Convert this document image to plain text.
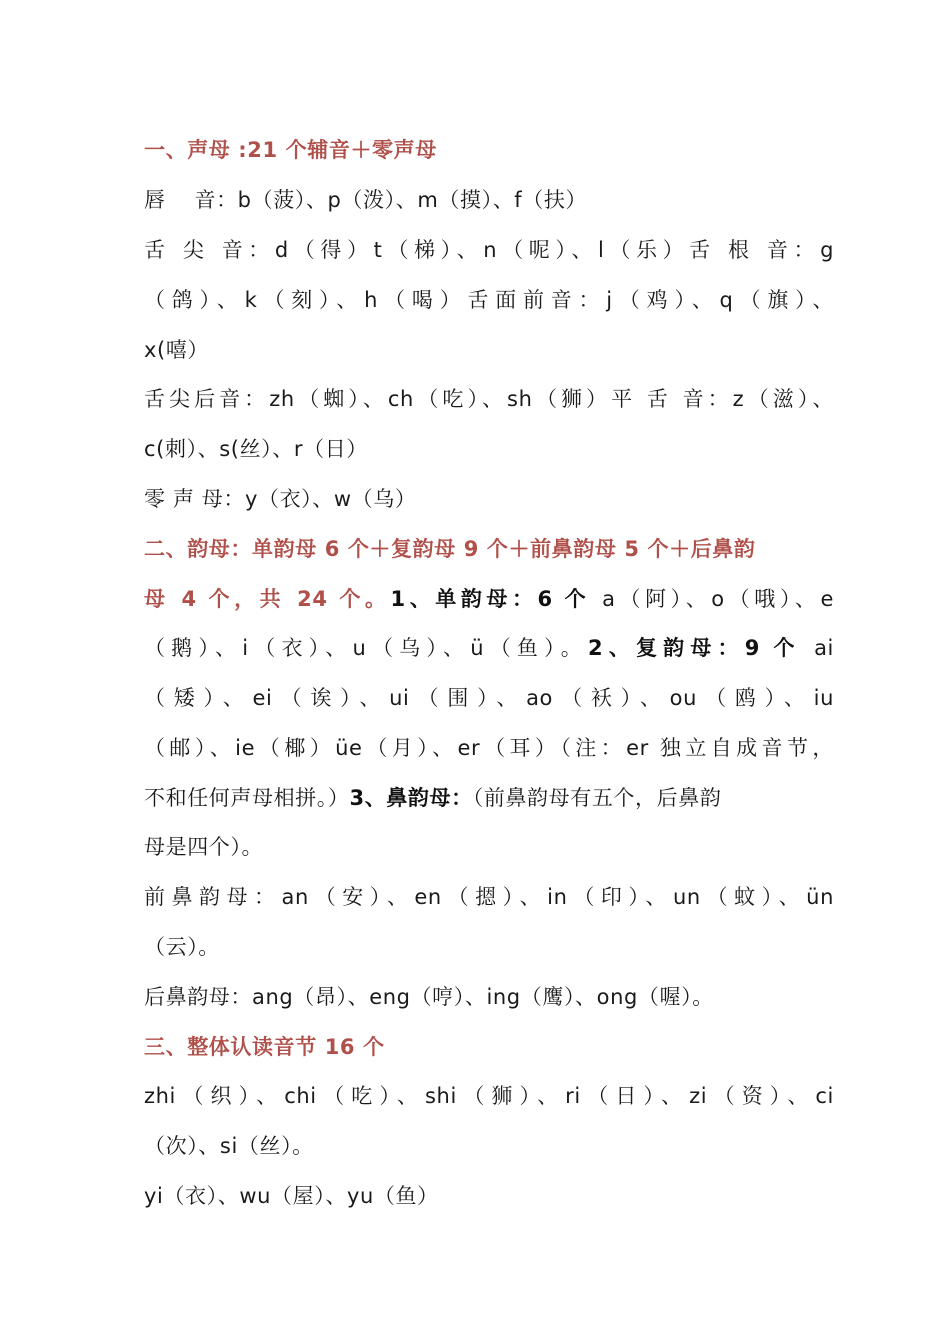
一、声母 :21 个辅音＋零声母
唇　 音：b（菠）、p（泼）、m（摸）、f（扶）
舌 尖 音：d（得）t（梯）、n（呢）、l（乐）舌 根 音：g
（鸽）、k（刻）、h（喝）舌面前音：j（鸡）、q（旗）、
x(嘻）
舌尖后音：zh（蜘）、ch（吃）、sh（狮）平 舌 音：z（滋）、
c(刺）、s(丝）、r（日）
零 声 母：y（衣）、w（乌）
二、韵母：单韵母 6 个＋复韵母 9 个＋前鼻韵母 5 个＋后鼻韵
母 4 个，共 24 个。1、单韵母：6 个 a（阿）、o（哦）、e
（鹅）、i（衣）、u（乌）、ü（鱼）。2、复韵母：9 个 ai
（矮）、ei（诶）、ui（围）、ao（袄）、ou（鸥）、iu
（邮）、ie（椰）üe（月）、er（耳）（注：er 独立自成音节，
不和任何声母相拼。）3、鼻韵母：（前鼻韵母有五个，后鼻韵
母是四个）。
前鼻韵母：an（安）、en（摁）、in（印）、un（蚊）、ün
（云）。
后鼻韵母：ang（昂）、eng（哼）、ing（鹰）、ong（喔）。
三、整体认读音节 16 个
zhi（织）、chi（吃）、shi（狮）、ri（日）、zi（资）、ci
（次）、si（丝）。
yi（衣）、wu（屋）、yu（鱼）
